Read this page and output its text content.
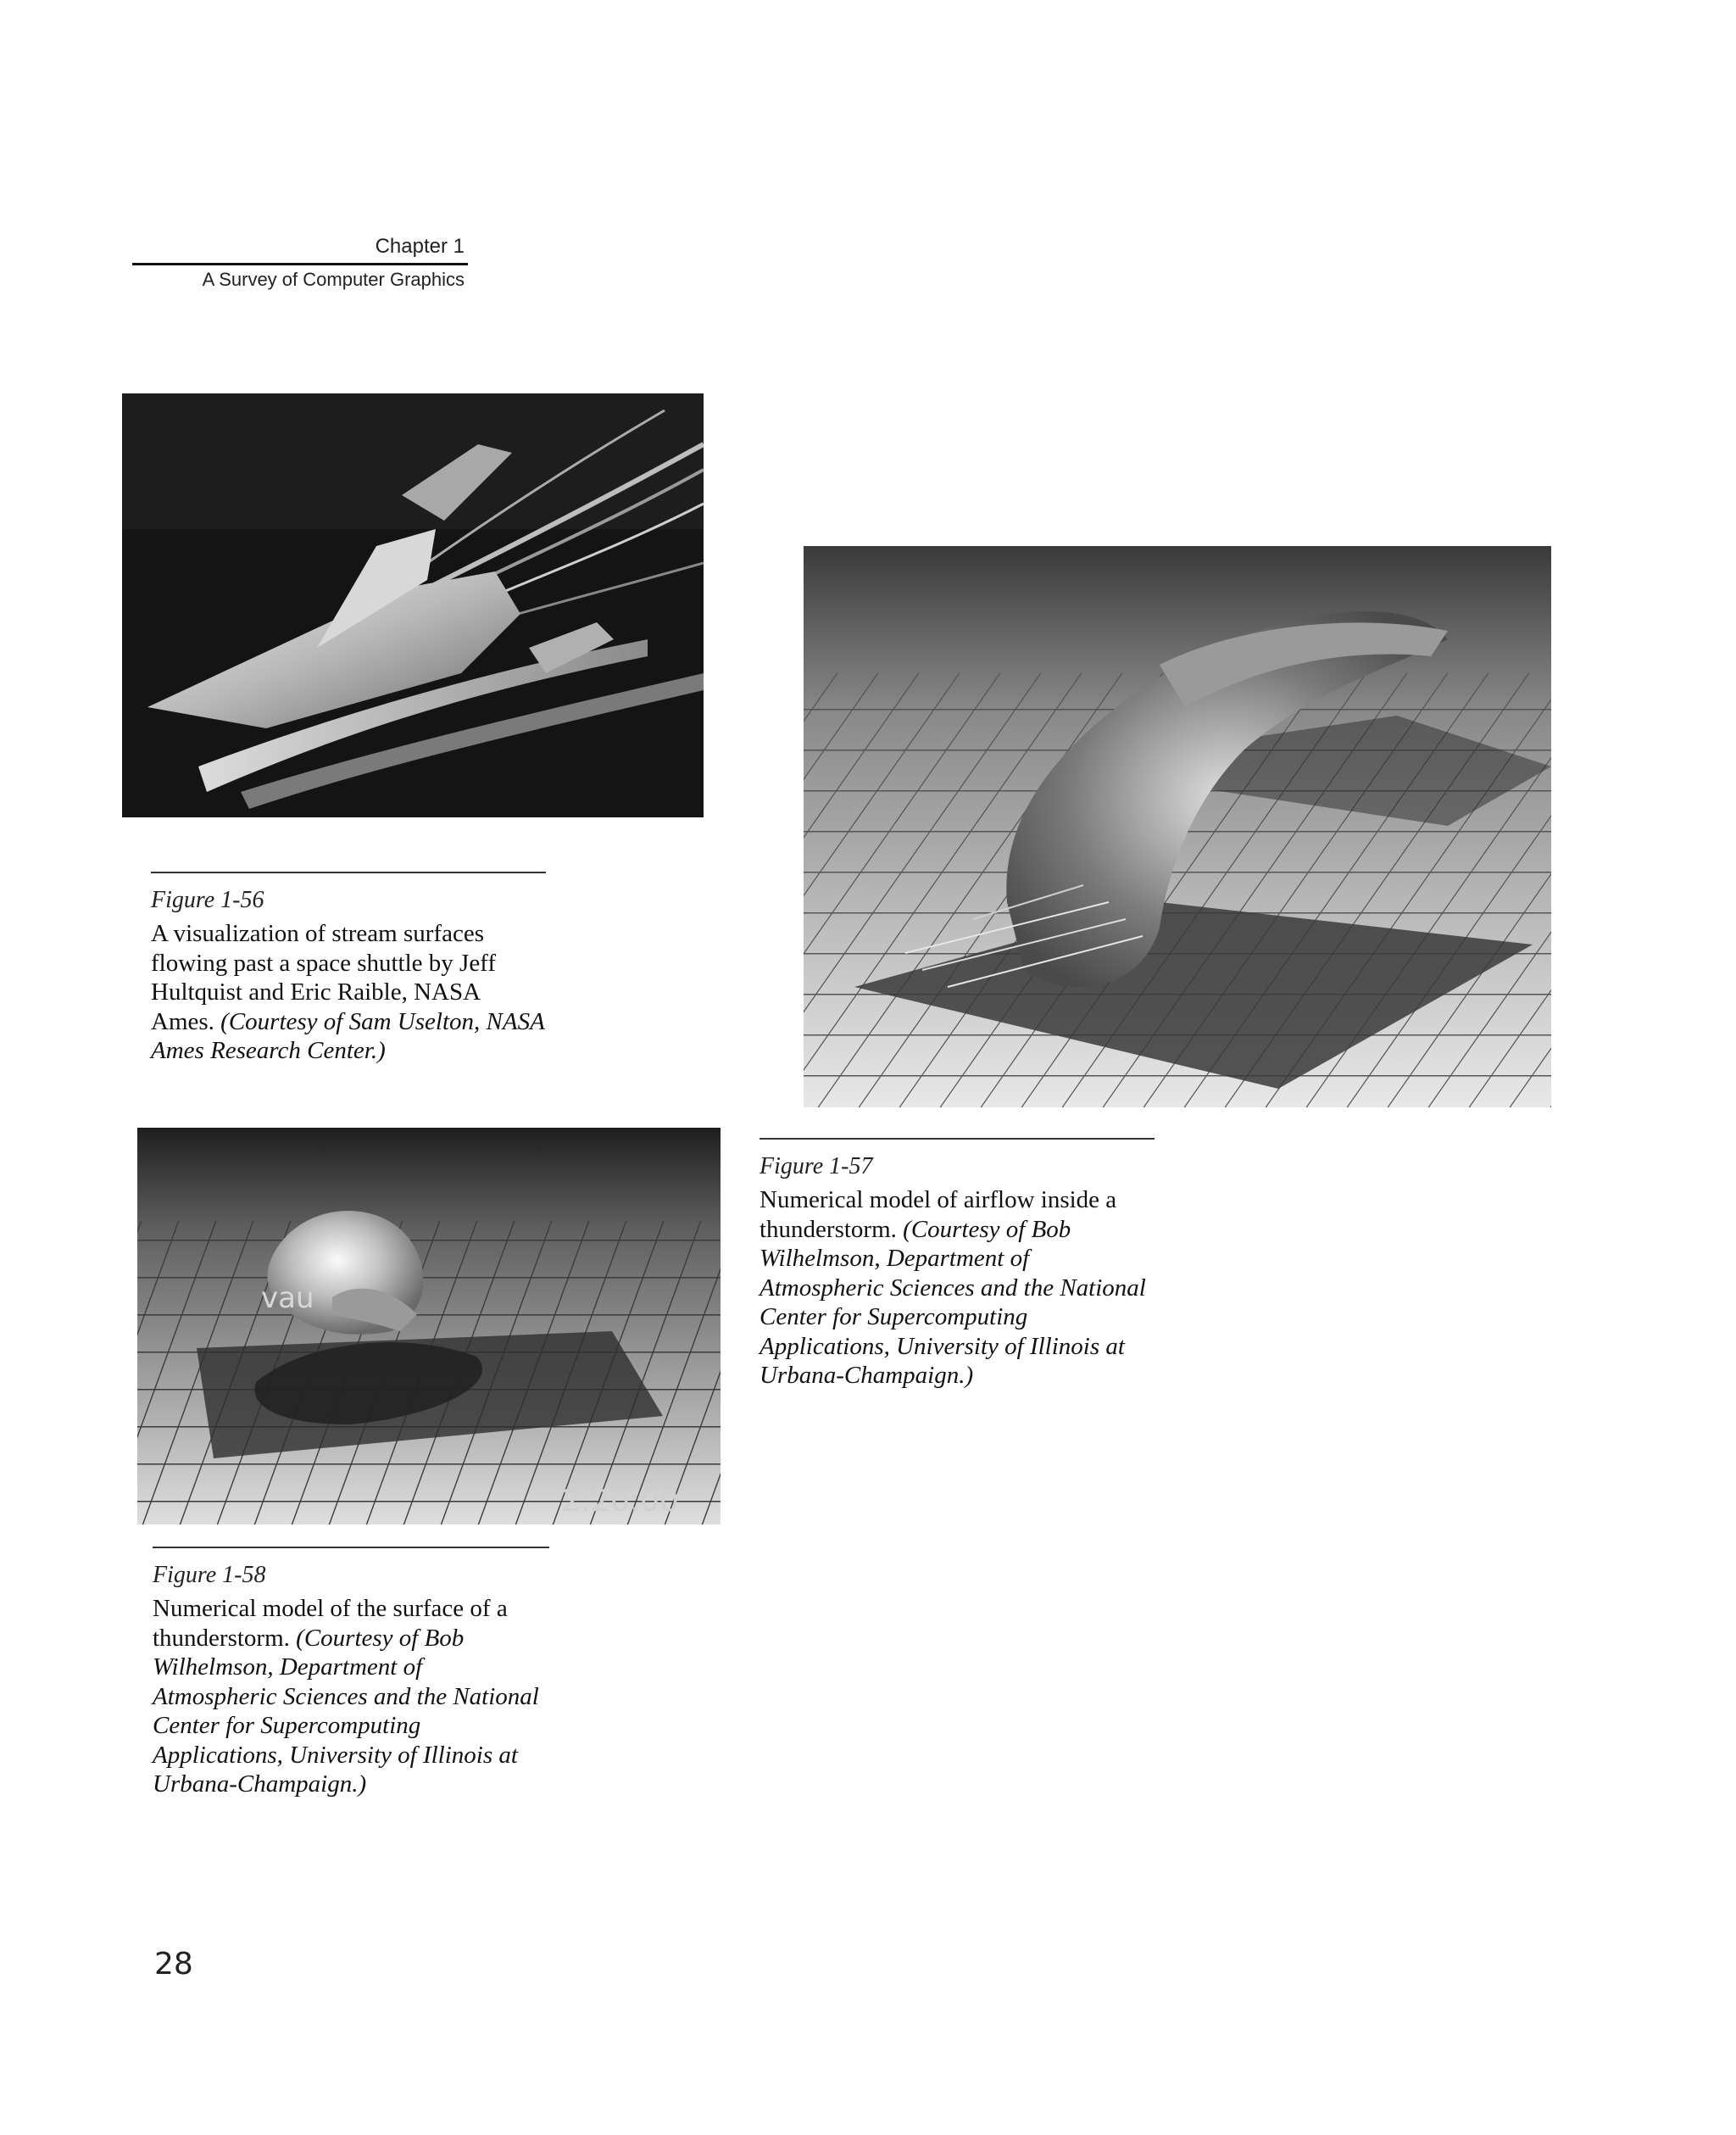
Chapter 1
A Survey of Computer Graphics
Figure 1-56
A visualization of stream surfaces flowing past a space shuttle by Jeff Hultquist and Eric Raible, NASA Ames. (Courtesy of Sam Uselton, NASA Ames Research Center.)
Figure 1-57
Numerical model of airflow inside a thunderstorm. (Courtesy of Bob Wilhelmson, Department of Atmospheric Sciences and the National Center for Supercomputing Applications, University of Illinois at Urbana-Champaign.)
vau
2:20:00
Figure 1-58
Numerical model of the surface of a thunderstorm. (Courtesy of Bob Wilhelmson, Department of Atmospheric Sciences and the National Center for Supercomputing Applications, University of Illinois at Urbana-Champaign.)
28
